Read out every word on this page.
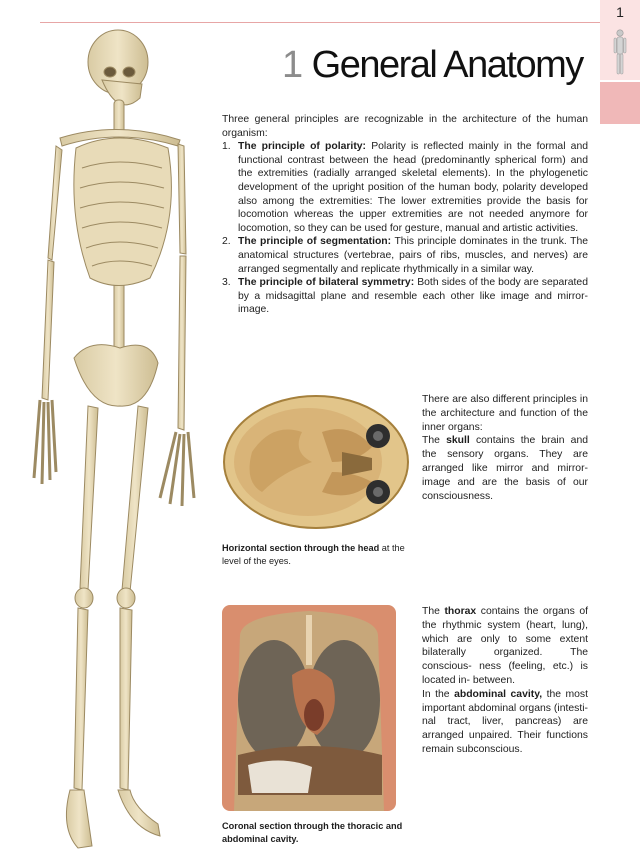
1
1 General Anatomy

Three general principles are recognizable in the architecture of the human organism:

1. The principle of polarity: Polarity is reflected mainly in the formal and functional contrast between the head (predominantly spherical form) and the extremities (radially arranged skeletal elements). In the phylogenetic development of the upright position of the human body, polarity developed also among the extremities: The lower extremities provide the basis for locomotion whereas the upper extremities are not needed anymore for locomotion, so they can be used for gesture, manual and artistic activities.
2. The principle of segmentation: This principle dominates in the trunk. The anatomical structures (vertebrae, pairs of ribs, muscles, and nerves) are arranged segmentally and replicate rhythmically in a similar way.
3. The principle of bilateral symmetry: Both sides of the body are separated by a midsagittal plane and resemble each other like image and mirror-image.
Horizontal section through the head at the level of the eyes.
Coronal section through the thoracic and abdominal cavity.

There are also different principles in the architecture and function of the inner organs:

The skull contains the brain and the sensory organs. They are arranged like mirror and mirror-image and are the basis of our consciousness.

The thorax contains the organs of the rhythmic system (heart, lung), which are only to some extent bilaterally organized. The conscious- ness (feeling, etc.) is located in- between.

In the abdominal cavity, the most important abdominal organs (intesti- nal tract, liver, pancreas) are arranged unpaired. Their functions remain subconscious.
